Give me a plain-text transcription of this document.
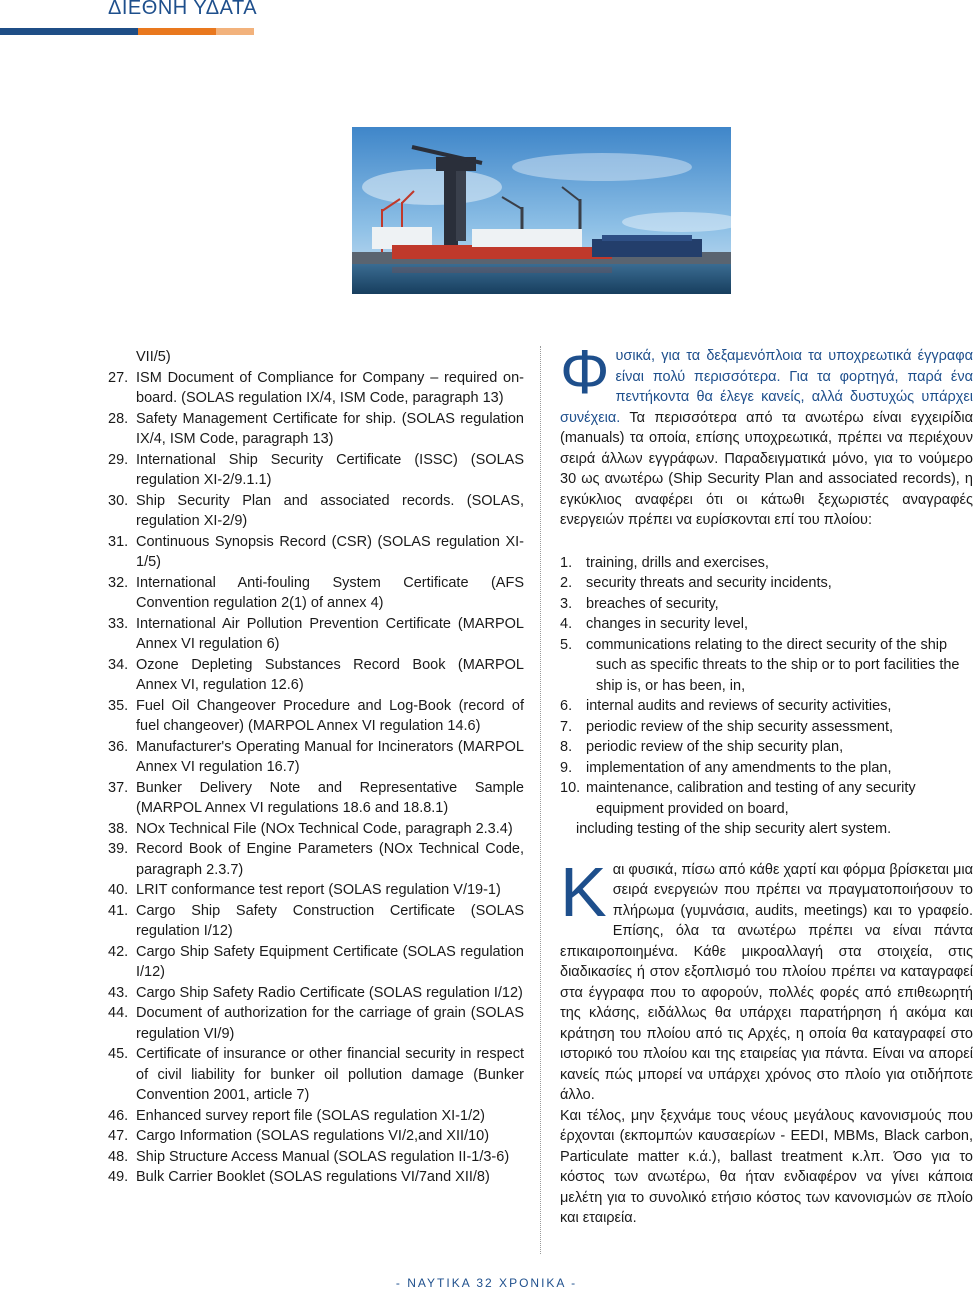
ΔΙΕΘΝΗ ΥΔΑΤΑ
VII/5)
27. ISM Document of Compliance for Company – required on-board. (SOLAS regulation IX/4, ISM Code, paragraph 13)
28. Safety Management Certificate for ship. (SOLAS regulation IX/4, ISM Code, paragraph 13)
29. International Ship Security Certificate (ISSC) (SOLAS regulation XI-2/9.1.1)
30. Ship Security Plan and associated records. (SOLAS, regulation XI-2/9)
31. Continuous Synopsis Record (CSR) (SOLAS regulation XI-1/5)
32. International Anti-fouling System Certificate (AFS Convention regulation 2(1) of annex 4)
33. International Air Pollution Prevention Certificate (MARPOL Annex VI regulation 6)
34. Ozone Depleting Substances Record Book (MARPOL Annex VI, regulation 12.6)
35. Fuel Oil Changeover Procedure and Log-Book (record of fuel changeover) (MARPOL Annex VI regulation 14.6)
36. Manufacturer's Operating Manual for Incinerators (MARPOL Annex VI regulation 16.7)
37. Bunker Delivery Note and Representative Sample (MARPOL Annex VI regulations 18.6 and 18.8.1)
38. NOx Technical File (NOx Technical Code, paragraph 2.3.4)
39. Record Book of Engine Parameters (NOx Technical Code, paragraph 2.3.7)
40. LRIT conformance test report (SOLAS regulation V/19-1)
41. Cargo Ship Safety Construction Certificate (SOLAS regulation I/12)
42. Cargo Ship Safety Equipment Certificate (SOLAS regulation I/12)
43. Cargo Ship Safety Radio Certificate (SOLAS regulation I/12)
44. Document of authorization for the carriage of grain (SOLAS regulation VI/9)
45. Certificate of insurance or other financial security in respect of civil liability for bunker oil pollution damage (Bunker Convention 2001, article 7)
46. Enhanced survey report file (SOLAS regulation XI-1/2)
47. Cargo Information (SOLAS regulations VI/2,and XII/10)
48. Ship Structure Access Manual (SOLAS regulation II-1/3-6)
49. Bulk Carrier Booklet (SOLAS regulations VI/7and XII/8)

Φυσικά, για τα δεξαμενόπλοια τα υποχρεωτικά έγγραφα είναι πολύ περισσότερα. Για τα φορτηγά, παρά ένα πεντήκοντα θα έλεγε κανείς, αλλά δυστυχώς υπάρχει συνέχεια. Τα περισσότερα από τα ανωτέρω είναι εγχειρίδια (manuals) τα οποία, επίσης υποχρεωτικά, πρέπει να περιέχουν σειρά άλλων εγγράφων. Παραδειγματικά μόνο, για το νούμερο 30 ως ανωτέρω (Ship Security Plan and associated records), η εγκύκλιος αναφέρει ότι οι κάτωθι ξεχωριστές αναγραφές ενεργειών πρέπει να ευρίσκονται επί του πλοίου:

1. training, drills and exercises,
2. security threats and security incidents,
3. breaches of security,
4. changes in security level,
5. communications relating to the direct security of the ship such as specific threats to the ship or to port facilities the ship is, or has been, in,
6. internal audits and reviews of security activities,
7. periodic review of the ship security assessment,
8. periodic review of the ship security plan,
9. implementation of any amendments to the plan,
10. maintenance, calibration and testing of any security equipment provided on board,
including testing of the ship security alert system.

Και φυσικά, πίσω από κάθε χαρτί και φόρμα βρίσκεται μια σειρά ενεργειών που πρέπει να πραγματοποιήσουν το πλήρωμα (γυμνάσια, audits, meetings) και το γραφείο. Επίσης, όλα τα ανωτέρω πρέπει να είναι πάντα επικαιροποιημένα. Κάθε μικροαλλαγή στα στοιχεία, στις διαδικασίες ή στον εξοπλισμό του πλοίου πρέπει να καταγραφεί στα έγγραφα που το αφορούν, πολλές φορές από επιθεωρητή της κλάσης, ειδάλλως θα υπάρχει παρατήρηση ή ακόμα και κράτηση του πλοίου από τις Αρχές, η οποία θα καταγραφεί στο ιστορικό του πλοίου και της εταιρείας για πάντα. Είναι να απορεί κανείς πώς μπορεί να υπάρχει χρόνος στο πλοίο για οτιδήποτε άλλο.

Και τέλος, μην ξεχνάμε τους νέους μεγάλους κανονισμούς που έρχονται (εκπομπών καυσαερίων - EEDI, MBMs, Black carbon, Particulate matter κ.ά.), ballast treatment κ.λπ. Όσο για το κόστος των ανωτέρω, θα ήταν ενδιαφέρον να γίνει κάποια μελέτη για το συνολικό ετήσιο κόστος των κανονισμών σε πλοίο και εταιρεία.

- ΝΑΥΤΙΚΑ 32 ΧΡΟΝΙΚΑ -
